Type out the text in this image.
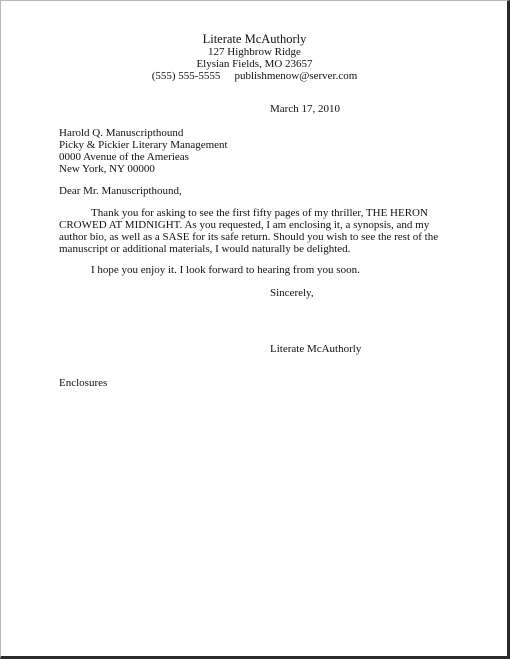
Literate McAuthorly
127 Highbrow Ridge
Elysian Fields, MO 23657
(555) 555-5555 publishmenow@server.com
March 17, 2010
Harold Q. Manuscripthound
Picky & Pickier Literary Management
0000 Avenue of the Amerieas
New York, NY 00000
Dear Mr. Manuscripthound,

Thank you for asking to see the first fifty pages of my thriller, THE HERON CROWED AT MIDNIGHT. As you requested, I am enclosing it, a synopsis, and my author bio, as well as a SASE for its safe return. Should you wish to see the rest of the manuscript or additional materials, I would naturally be delighted.

I hope you enjoy it. I look forward to hearing from you soon.

Sincerely,
Literate McAuthorly
Enclosures
